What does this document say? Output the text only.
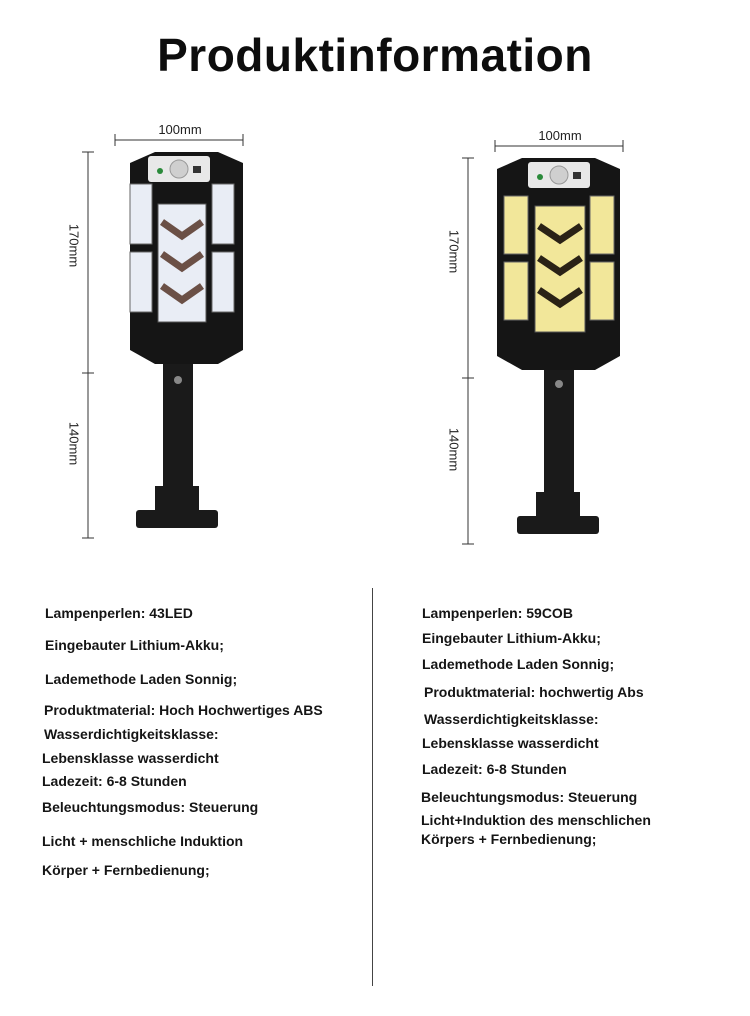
Produktinformation
100mm
170mm
140mm
100mm
170mm
140mm
Lampenperlen: 43LED
Eingebauter Lithium-Akku;
Lademethode Laden Sonnig;
Produktmaterial: Hoch Hochwertiges ABS
Wasserdichtigkeitsklasse:
Lebensklasse wasserdicht
Ladezeit: 6-8 Stunden
Beleuchtungsmodus: Steuerung
Licht + menschliche Induktion
Körper + Fernbedienung;
Lampenperlen: 59COB
Eingebauter Lithium-Akku;
Lademethode Laden Sonnig;
Produktmaterial: hochwertig Abs
Wasserdichtigkeitsklasse:
Lebensklasse wasserdicht
Ladezeit: 6-8 Stunden
Beleuchtungsmodus: Steuerung
Licht+Induktion des menschlichen
Körpers + Fernbedienung;
